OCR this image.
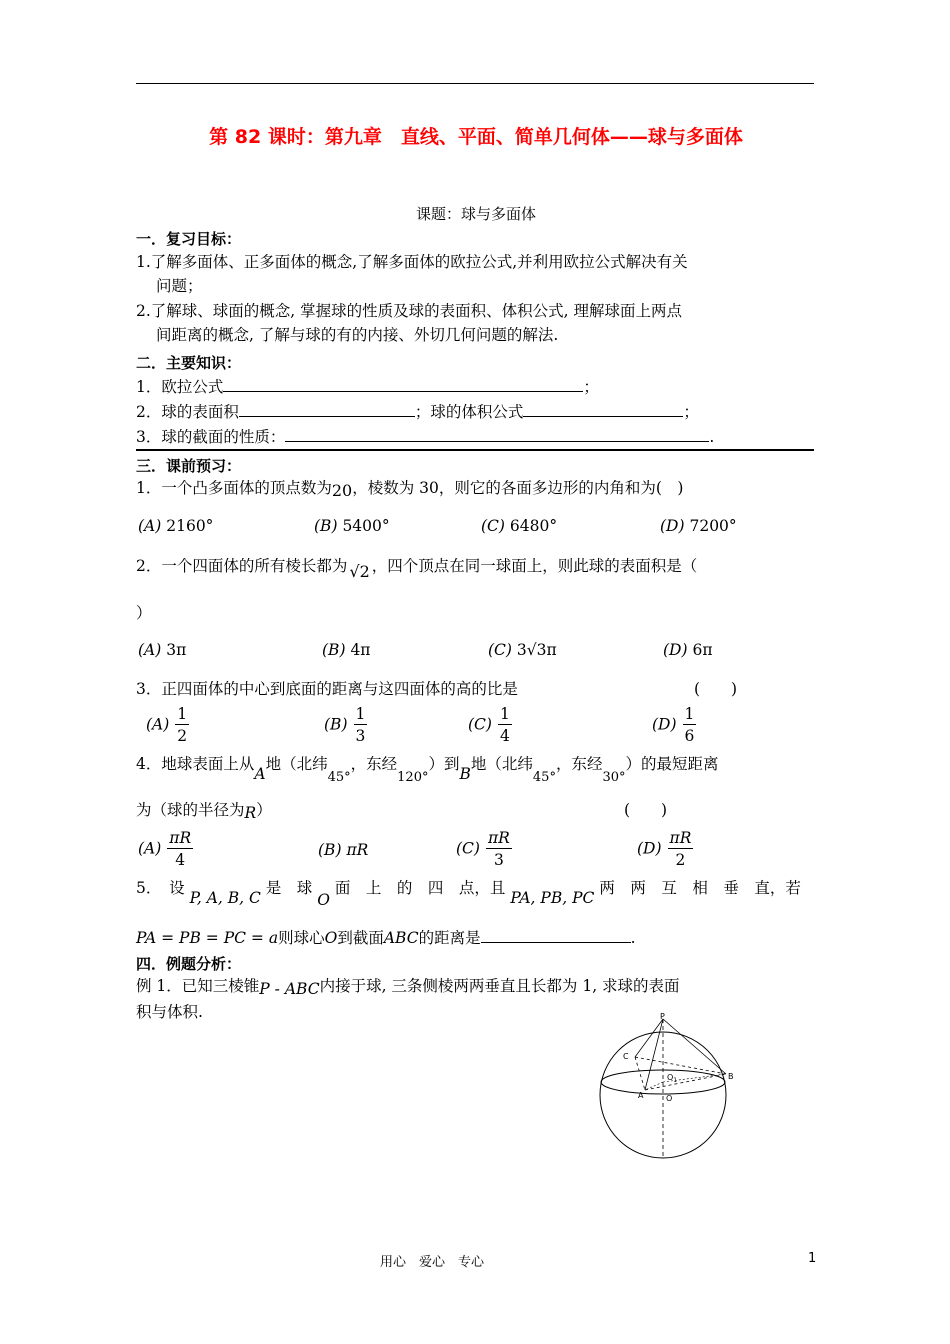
第 82 课时：第九章　直线、平面、简单几何体——球与多面体
课题：球与多面体
一．复习目标：
1.了解多面体、正多面体的概念,了解多面体的欧拉公式,并利用欧拉公式解决有关
问题；
2.了解球、球面的概念, 掌握球的性质及球的表面积、体积公式, 理解球面上两点
间距离的概念, 了解与球的有的内接、外切几何问题的解法.
二．主要知识：
1．欧拉公式	；
2．球的表面积	；球的体积公式	；
3．球的截面的性质：	.
三．课前预习：
1．一个凸多面体的顶点数为20，棱数为 30，则它的各面多边形的内角和为(　)
(A) 2160°	(B) 5400°	(C) 6480°	(D) 7200°
2．一个四面体的所有棱长都为 √2 ，四个顶点在同一球面上，则此球的表面积是（
）
(A) 3π	(B) 4π	(C) 3√3π	(D) 6π
3．正四面体的中心到底面的距离与这四面体的高的比是	(　　)
$(A) \frac{1}{2}$	$(B) \frac{1}{3}$	$(C) \frac{1}{4}$	$(D) \frac{1}{6}$
4．地球表面上从A地（北纬$_{45^\circ}$，东经$_{120^\circ}$）到B地（北纬$_{45^\circ}$，东经$_{30^\circ}$）的最短距离
为（球的半径为R）	(　　)
$(A) \frac{\pi R}{4}$	(B) πR	$(C) \frac{\pi R}{3}$	$(D) \frac{\pi R}{2}$
5．　设 P, A, B, C 是　球 O 面　上　的　四　点，且 PA, PB, PC 两　两　互　相　垂　直，若
PA = PB = PC = a则球心O到截面ABC的距离是	.
四．例题分析：
例 1．已知三棱锥P - ABC内接于球, 三条侧棱两两垂直且长都为 1, 求球的表面
积与体积.	P
C
$O_1$	B
A	O
用心　爱心　专心	1
